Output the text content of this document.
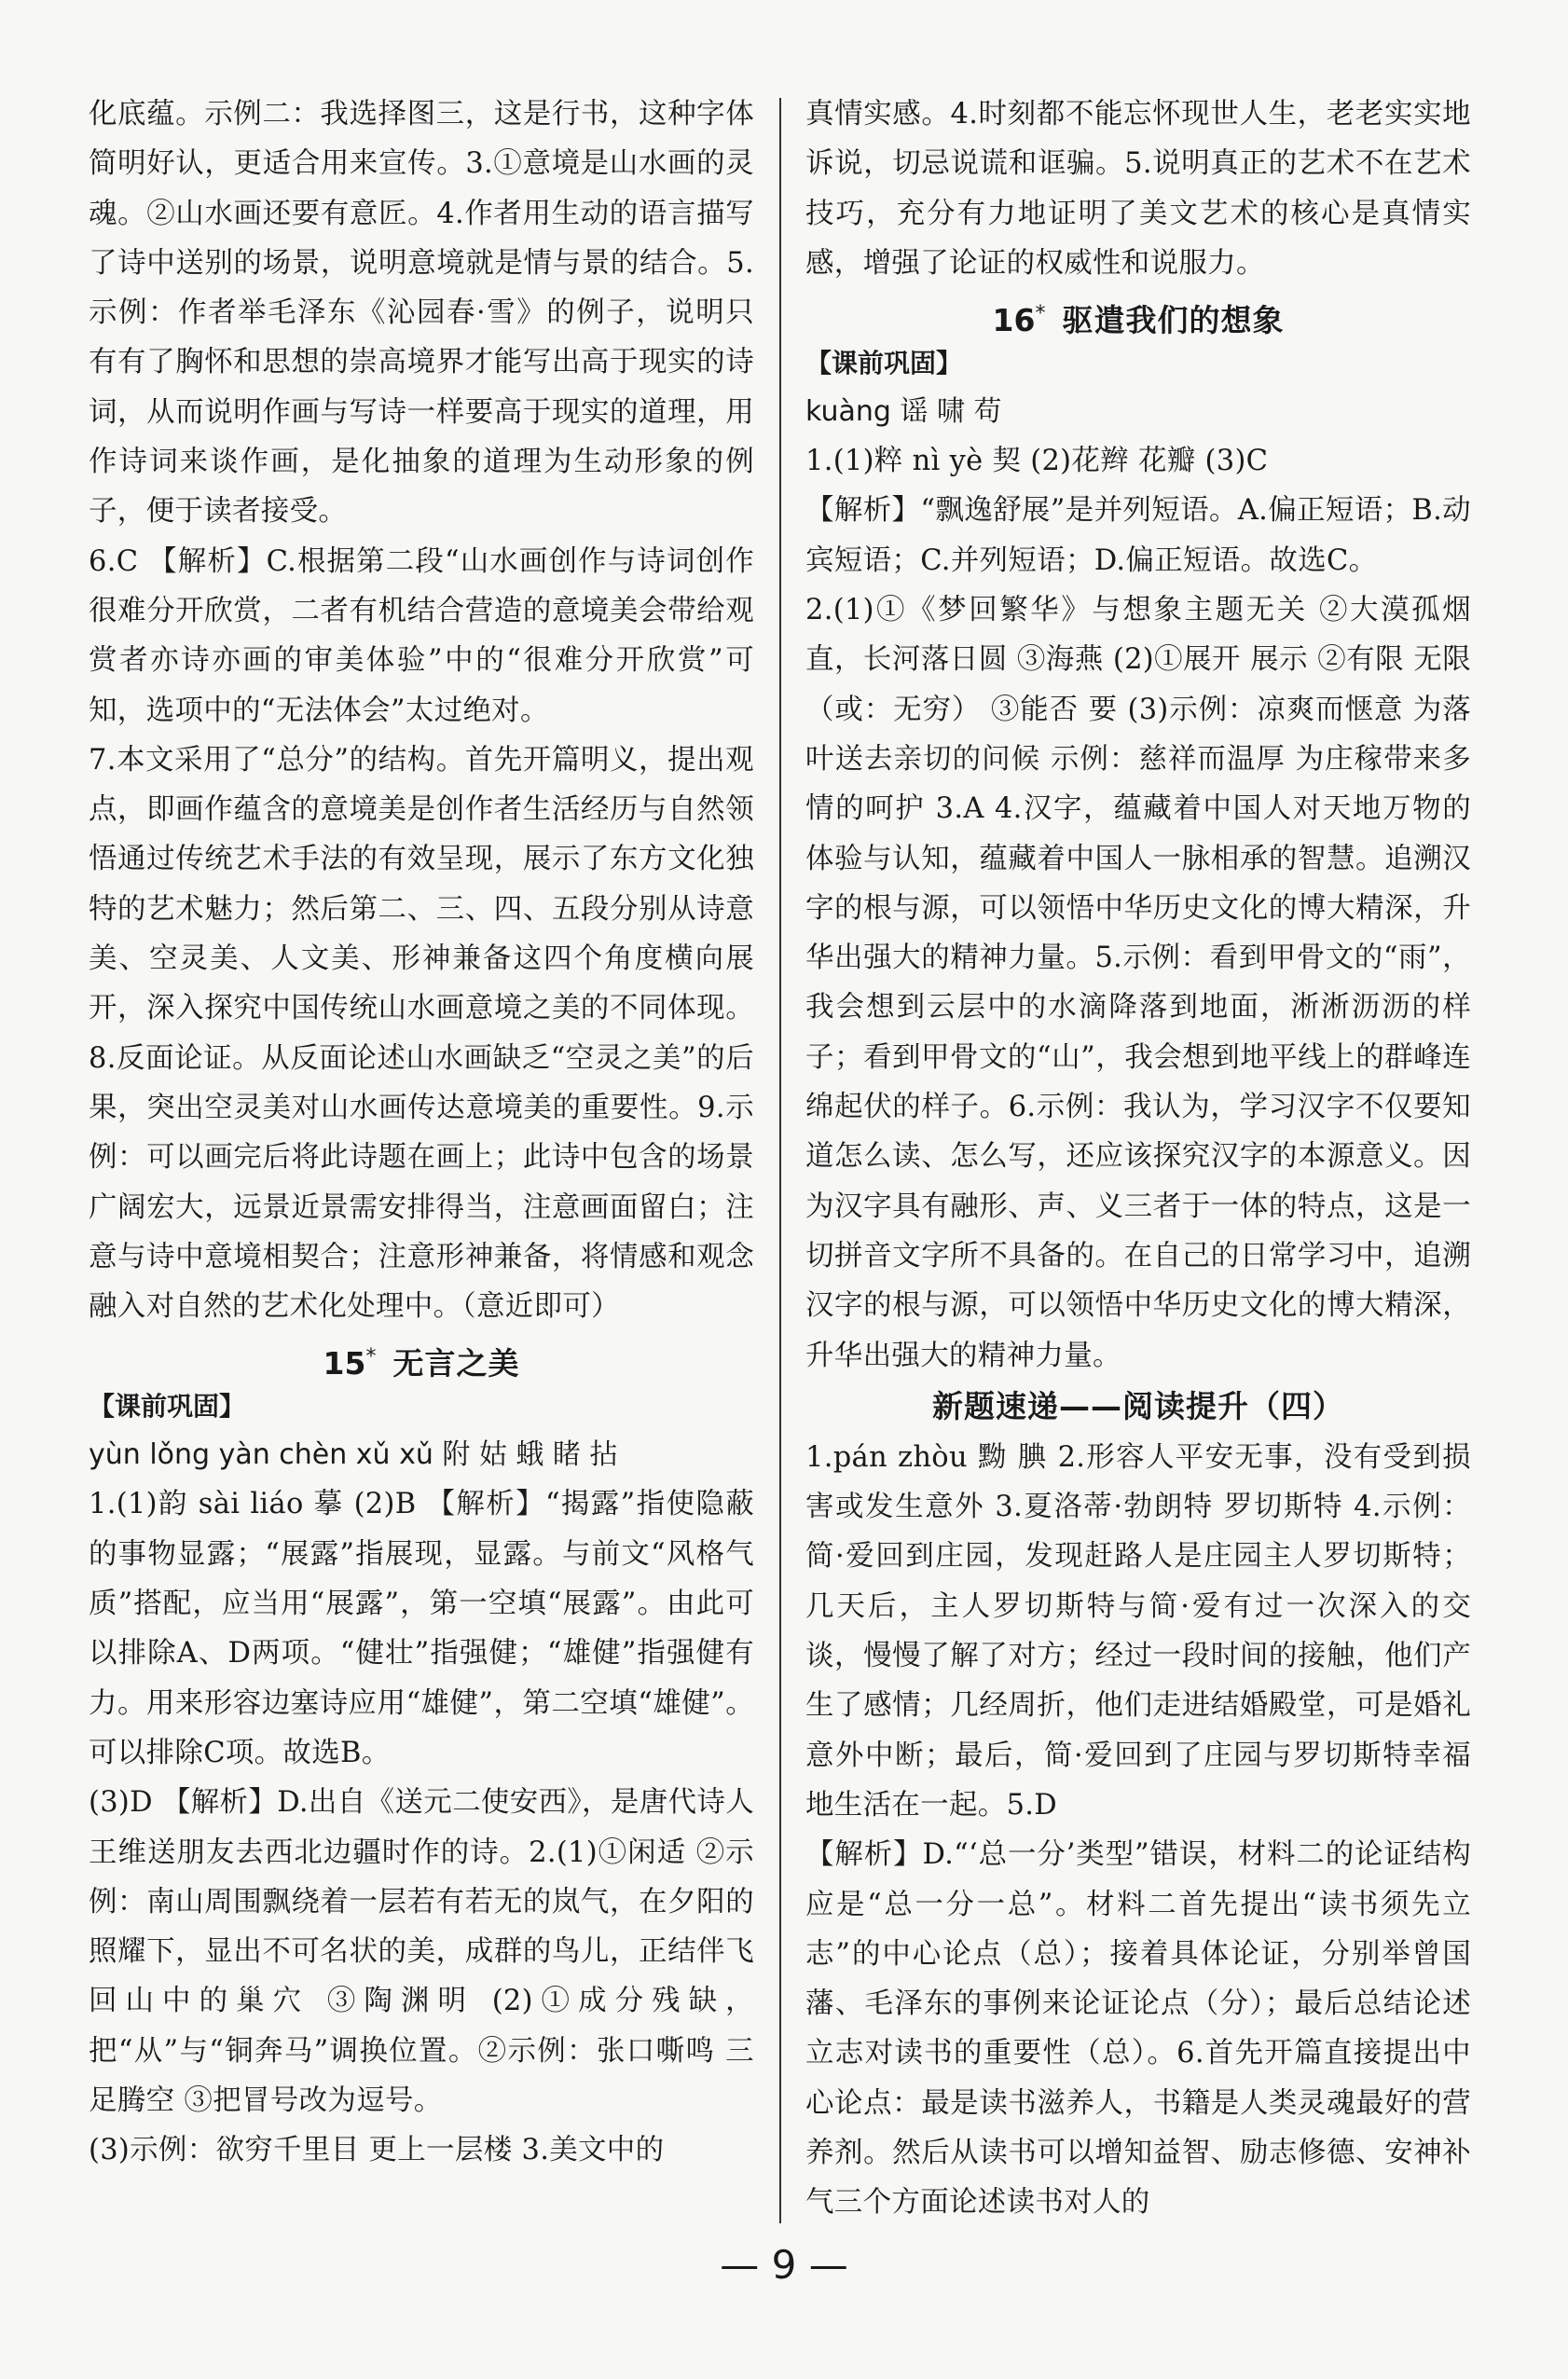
化底蕴。示例二：我选择图三，这是行书，这种字体简明好认，更适合用来宣传。3.①意境是山水画的灵魂。②山水画还要有意匠。4.作者用生动的语言描写了诗中送别的场景，说明意境就是情与景的结合。5.示例：作者举毛泽东《沁园春·雪》的例子，说明只有有了胸怀和思想的崇高境界才能写出高于现实的诗词，从而说明作画与写诗一样要高于现实的道理，用作诗词来谈作画，是化抽象的道理为生动形象的例子，便于读者接受。

6.C 【解析】C.根据第二段“山水画创作与诗词创作很难分开欣赏，二者有机结合营造的意境美会带给观赏者亦诗亦画的审美体验”中的“很难分开欣赏”可知，选项中的“无法体会”太过绝对。

7.本文采用了“总分”的结构。首先开篇明义，提出观点，即画作蕴含的意境美是创作者生活经历与自然领悟通过传统艺术手法的有效呈现，展示了东方文化独特的艺术魅力；然后第二、三、四、五段分别从诗意美、空灵美、人文美、形神兼备这四个角度横向展开，深入探究中国传统山水画意境之美的不同体现。8.反面论证。从反面论述山水画缺乏“空灵之美”的后果，突出空灵美对山水画传达意境美的重要性。9.示例：可以画完后将此诗题在画上；此诗中包含的场景广阔宏大，远景近景需安排得当，注意画面留白；注意与诗中意境相契合；注意形神兼备，将情感和观念融入对自然的艺术化处理中。（意近即可）

15* 无言之美
【课前巩固】
yùn lǒng yàn chèn xǔ xǔ 附 姑 蛾 睹 拈

1.(1)韵 sài liáo 摹 (2)B 【解析】“揭露”指使隐蔽的事物显露；“展露”指展现，显露。与前文“风格气质”搭配，应当用“展露”，第一空填“展露”。由此可以排除A、D两项。“健壮”指强健；“雄健”指强健有力。用来形容边塞诗应用“雄健”，第二空填“雄健”。可以排除C项。故选B。

(3)D 【解析】D.出自《送元二使安西》，是唐代诗人王维送朋友去西北边疆时作的诗。2.(1)①闲适 ②示例：南山周围飘绕着一层若有若无的岚气，在夕阳的照耀下，显出不可名状的美，成群的鸟儿，正结伴飞回山中的巢穴 ③陶渊明 (2)①成分残缺，把“从”与“铜奔马”调换位置。②示例：张口嘶鸣 三足腾空 ③把冒号改为逗号。

(3)示例：欲穷千里目 更上一层楼 3.美文中的

真情实感。4.时刻都不能忘怀现世人生，老老实实地诉说，切忌说谎和诓骗。5.说明真正的艺术不在艺术技巧，充分有力地证明了美文艺术的核心是真情实感，增强了论证的权威性和说服力。

16* 驱遣我们的想象
【课前巩固】
kuàng 谣 啸 苟

1.(1)粹 nì yè 契 (2)花辫 花瓣 (3)C

【解析】“飘逸舒展”是并列短语。A.偏正短语；B.动宾短语；C.并列短语；D.偏正短语。故选C。

2.(1)①《梦回繁华》与想象主题无关 ②大漠孤烟直，长河落日圆 ③海燕 (2)①展开 展示 ②有限 无限（或：无穷） ③能否 要 (3)示例：凉爽而惬意 为落叶送去亲切的问候 示例：慈祥而温厚 为庄稼带来多情的呵护 3.A 4.汉字，蕴藏着中国人对天地万物的体验与认知，蕴藏着中国人一脉相承的智慧。追溯汉字的根与源，可以领悟中华历史文化的博大精深，升华出强大的精神力量。5.示例：看到甲骨文的“雨”，我会想到云层中的水滴降落到地面，淅淅沥沥的样子；看到甲骨文的“山”，我会想到地平线上的群峰连绵起伏的样子。6.示例：我认为，学习汉字不仅要知道怎么读、怎么写，还应该探究汉字的本源意义。因为汉字具有融形、声、义三者于一体的特点，这是一切拼音文字所不具备的。在自己的日常学习中，追溯汉字的根与源，可以领悟中华历史文化的博大精深，升华出强大的精神力量。

新题速递——阅读提升（四）

1.pán zhòu 黝 腆 2.形容人平安无事，没有受到损害或发生意外 3.夏洛蒂·勃朗特 罗切斯特 4.示例：简·爱回到庄园，发现赶路人是庄园主人罗切斯特；几天后，主人罗切斯特与简·爱有过一次深入的交谈，慢慢了解了对方；经过一段时间的接触，他们产生了感情；几经周折，他们走进结婚殿堂，可是婚礼意外中断；最后，简·爱回到了庄园与罗切斯特幸福地生活在一起。5.D

【解析】D.“‘总一分’类型”错误，材料二的论证结构应是“总一分一总”。材料二首先提出“读书须先立志”的中心论点（总）；接着具体论证，分别举曾国藩、毛泽东的事例来论证论点（分）；最后总结论述立志对读书的重要性（总）。6.首先开篇直接提出中心论点：最是读书滋养人，书籍是人类灵魂最好的营养剂。然后从读书可以增知益智、励志修德、安神补气三个方面论述读书对人的

— 9 —
